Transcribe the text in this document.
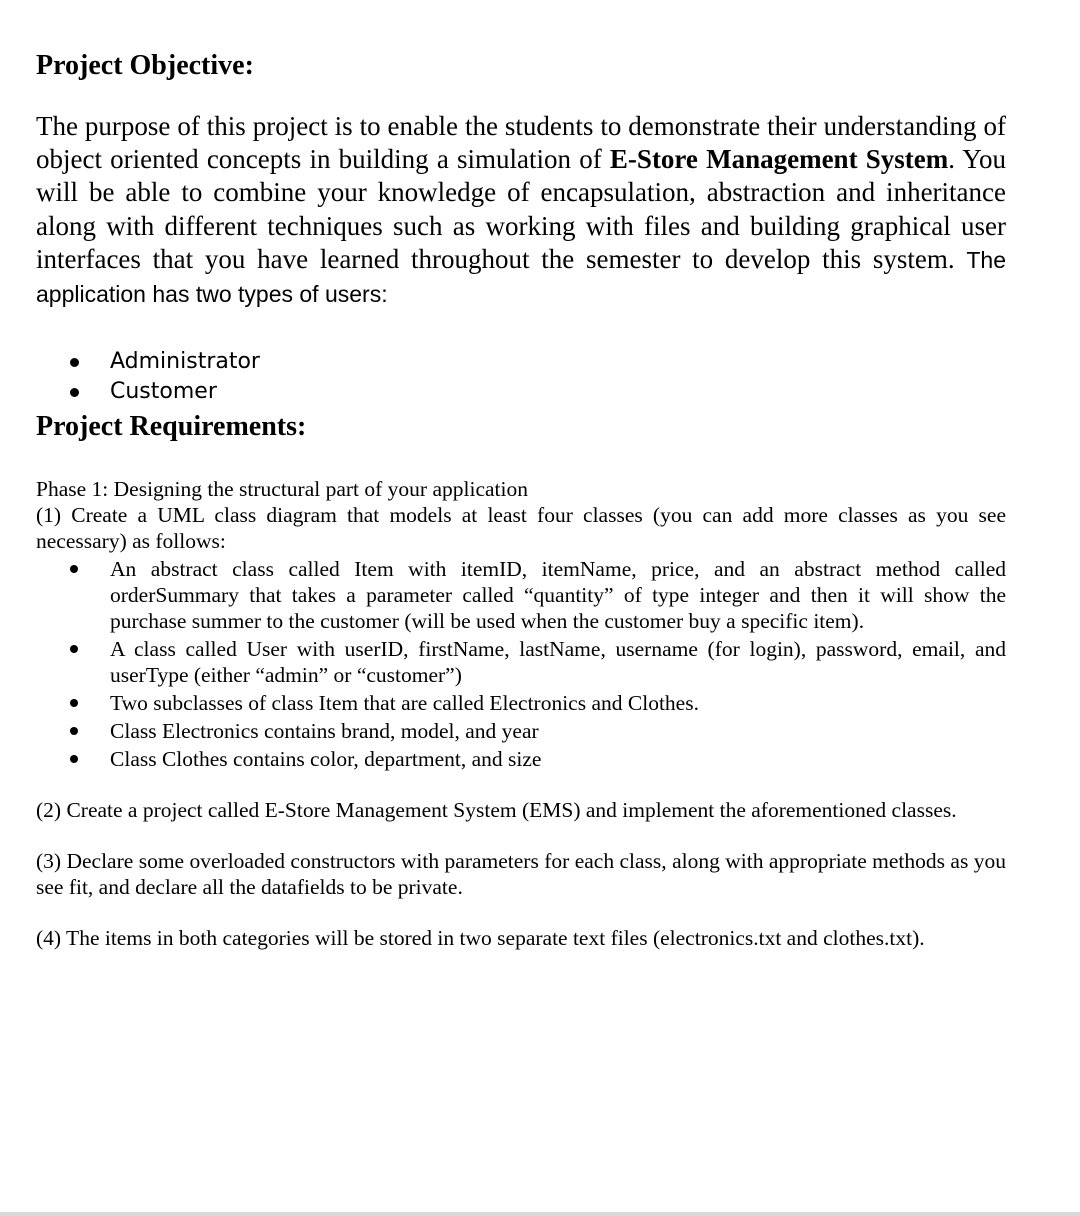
Project Objective:

The purpose of this project is to enable the students to demonstrate their understanding of object oriented concepts in building a simulation of E-Store Management System. You will be able to combine your knowledge of encapsulation, abstraction and inheritance along with different techniques such as working with files and building graphical user interfaces that you have learned throughout the semester to develop this system. The application has two types of users:

Administrator
Customer
Project Requirements:

Phase 1: Designing the structural part of your application

(1) Create a UML class diagram that models at least four classes (you can add more classes as you see necessary) as follows:

An abstract class called Item with itemID, itemName, price, and an abstract method called orderSummary that takes a parameter called “quantity” of type integer and then it will show the purchase summer to the customer (will be used when the customer buy a specific item).
A class called User with userID, firstName, lastName, username (for login), password, email, and userType (either “admin” or “customer”)
Two subclasses of class Item that are called Electronics and Clothes.
Class Electronics contains brand, model, and year
Class Clothes contains color, department, and size

(2) Create a project called E-Store Management System (EMS) and implement the aforementioned classes.

(3) Declare some overloaded constructors with parameters for each class, along with appropriate methods as you see fit, and declare all the datafields to be private.

(4) The items in both categories will be stored in two separate text files (electronics.txt and clothes.txt).
